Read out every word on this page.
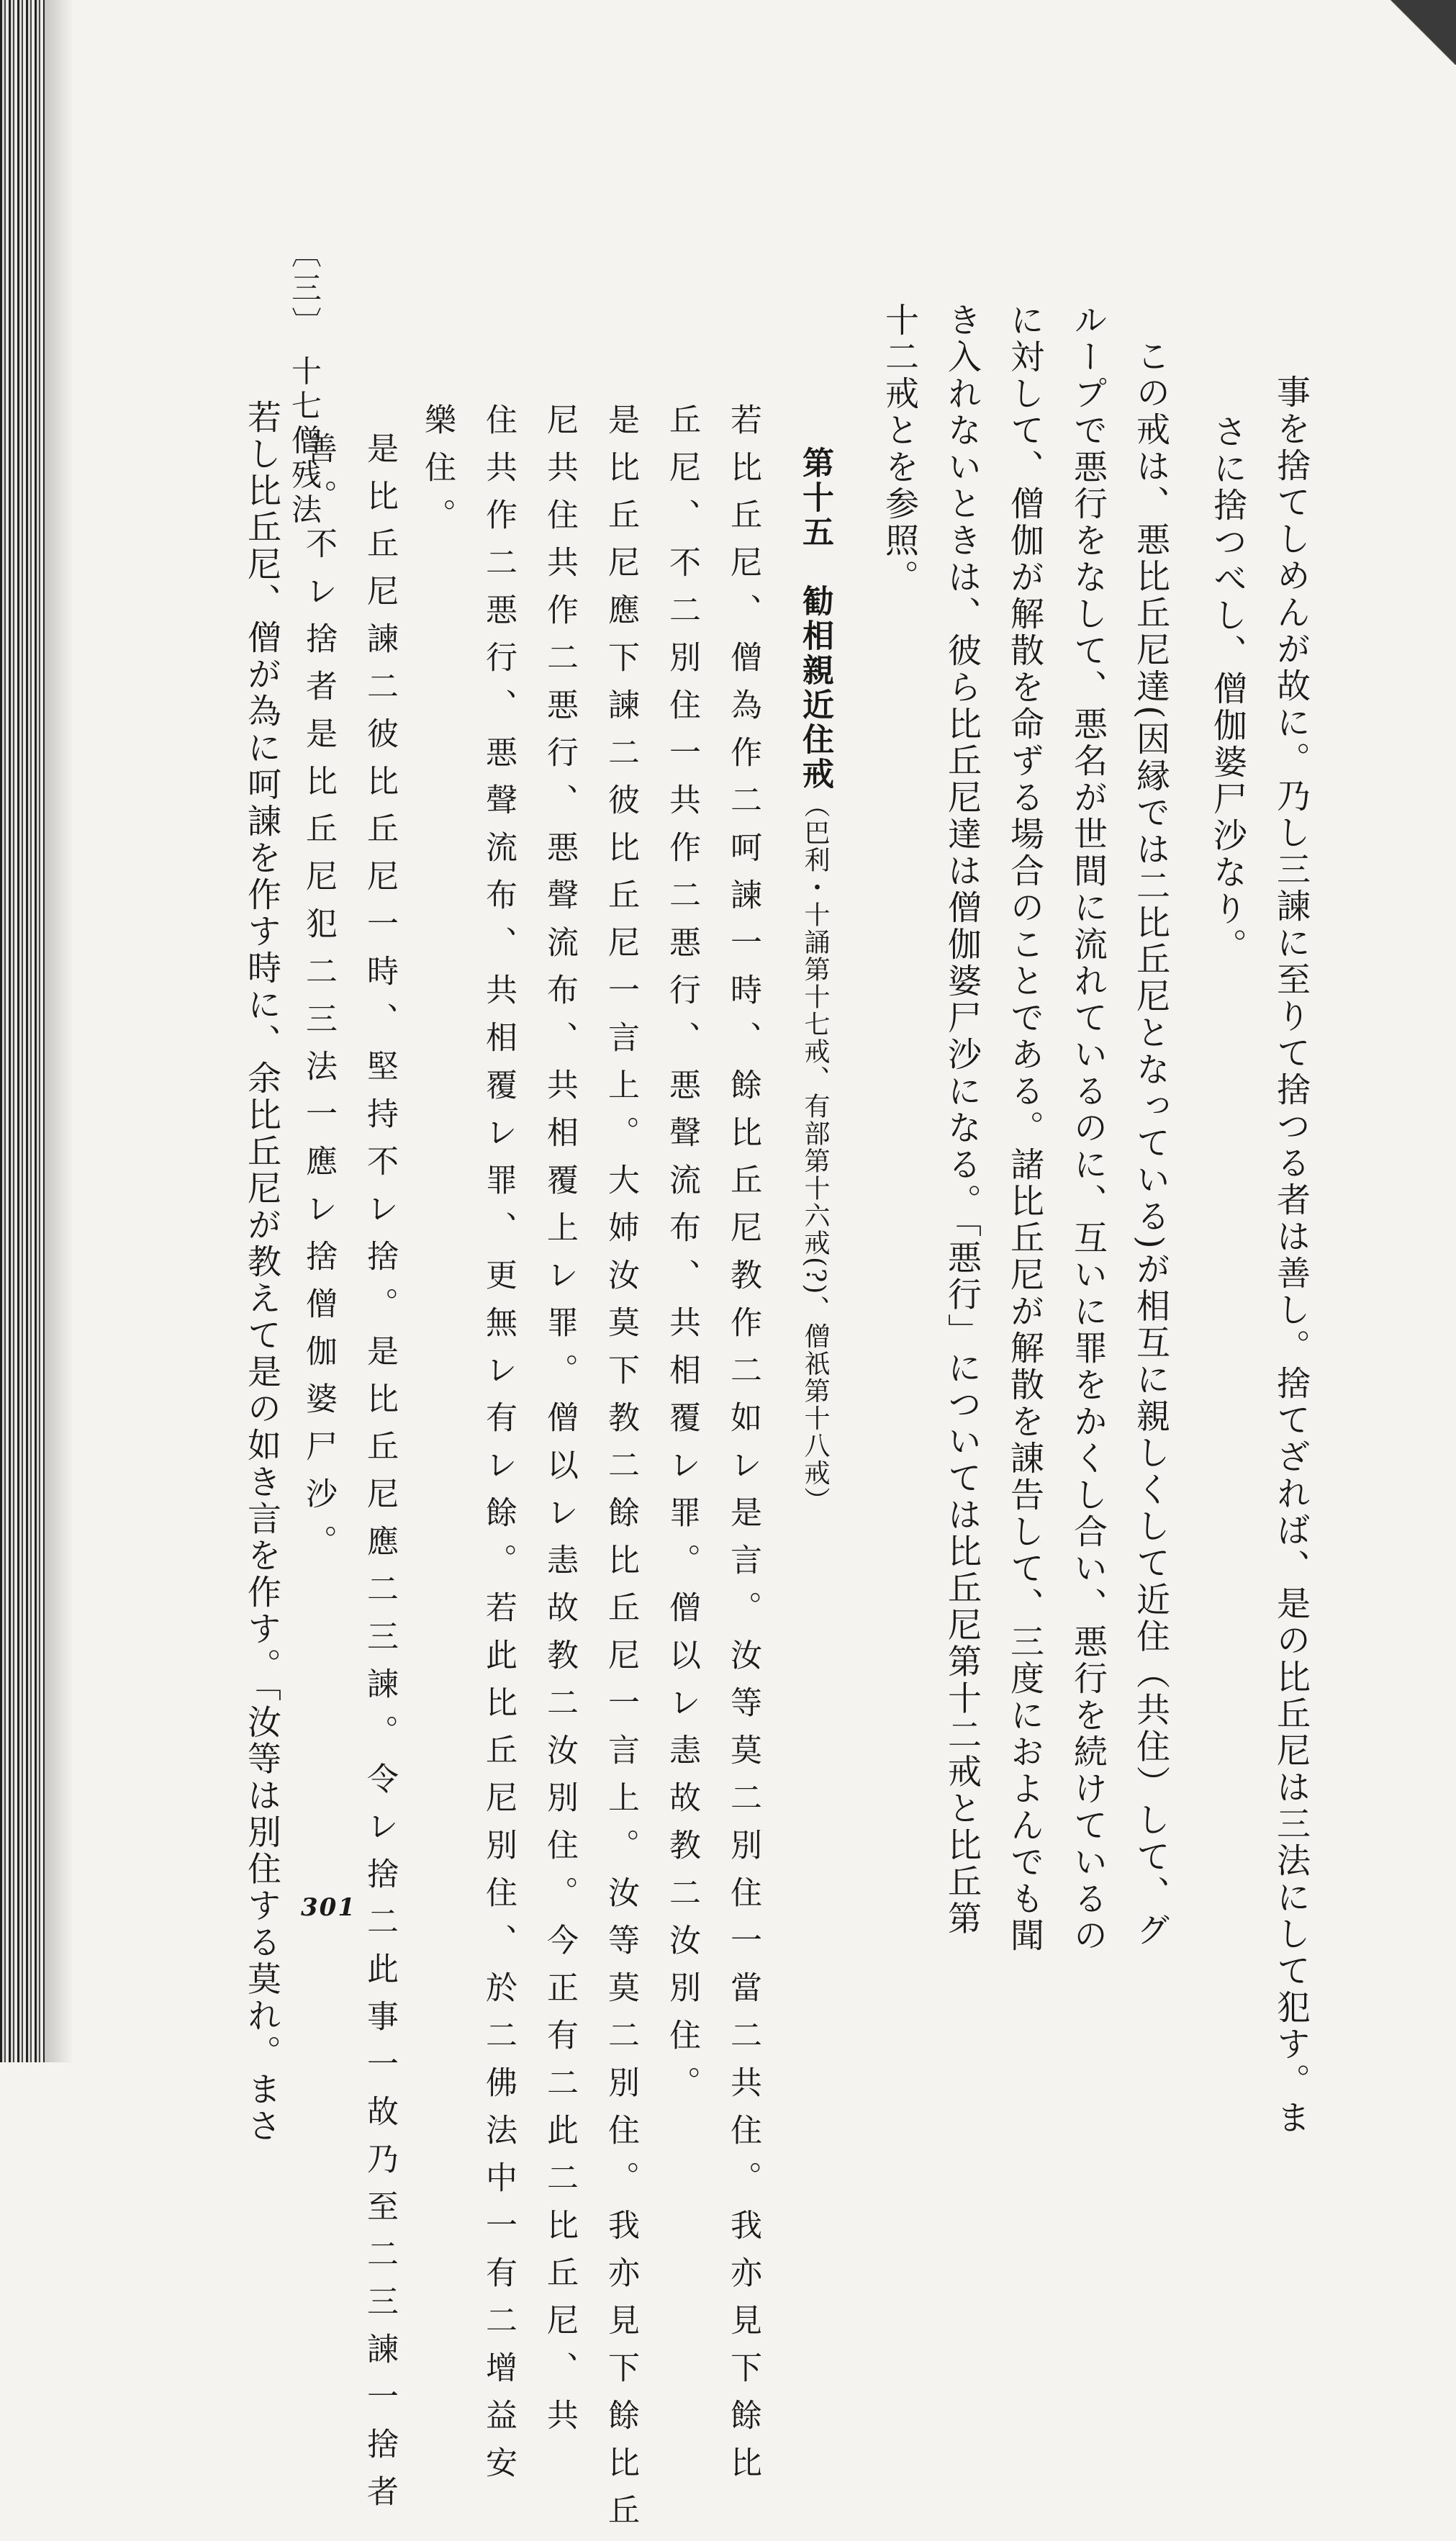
〔三〕 十七僧残法	事を捨てしめんが故に。乃し三諫に至りて捨つる者は善し。捨てざれば、是の比丘尼は三法にして犯す。ま
さに捨つべし、僧伽婆尸沙なり。
この戒は、悪比丘尼達(因縁では二比丘尼となっている)が相互に親しくして近住（共住）して、グ
ループで悪行をなして、悪名が世間に流れているのに、互いに罪をかくし合い、悪行を続けているの
に対して、僧伽が解散を命ずる場合のことである。諸比丘尼が解散を諌告して、三度におよんでも聞
き入れないときは、彼ら比丘尼達は僧伽婆尸沙になる。「悪行」については比丘尼第十二戒と比丘第
十二戒とを参照。
第十五　勧相親近住戒（巴利・十誦第十七戒、有部第十六戒(?)、僧祇第十八戒）
若比丘尼、僧為作二呵諫一時、餘比丘尼教作二如レ是言。汝等莫二別住一當二共住。我亦見下餘比
丘尼、不二別住一共作二悪行、悪聲流布、共相覆レ罪。僧以レ恚故教二汝別住。
是比丘尼應下諫二彼比丘尼一言上。大姉汝莫下教二餘比丘尼一言上。汝等莫二別住。我亦見下餘比丘
尼共住共作二悪行、悪聲流布、共相覆上レ罪。僧以レ恚故教二汝別住。今正有二此二比丘尼、共
住共作二悪行、悪聲流布、共相覆レ罪、更無レ有レ餘。若此比丘尼別住、於二佛法中一有二增益安
樂住。
是比丘尼諫二彼比丘尼一時、堅持不レ捨。是比丘尼應二三諫。令レ捨二此事一故乃至二三諫一捨者
善。不レ捨者是比丘尼犯二三法一應レ捨僧伽婆尸沙。
若し比丘尼、僧が為に呵諫を作す時に、余比丘尼が教えて是の如き言を作す。「汝等は別住する莫れ。まさ 301
